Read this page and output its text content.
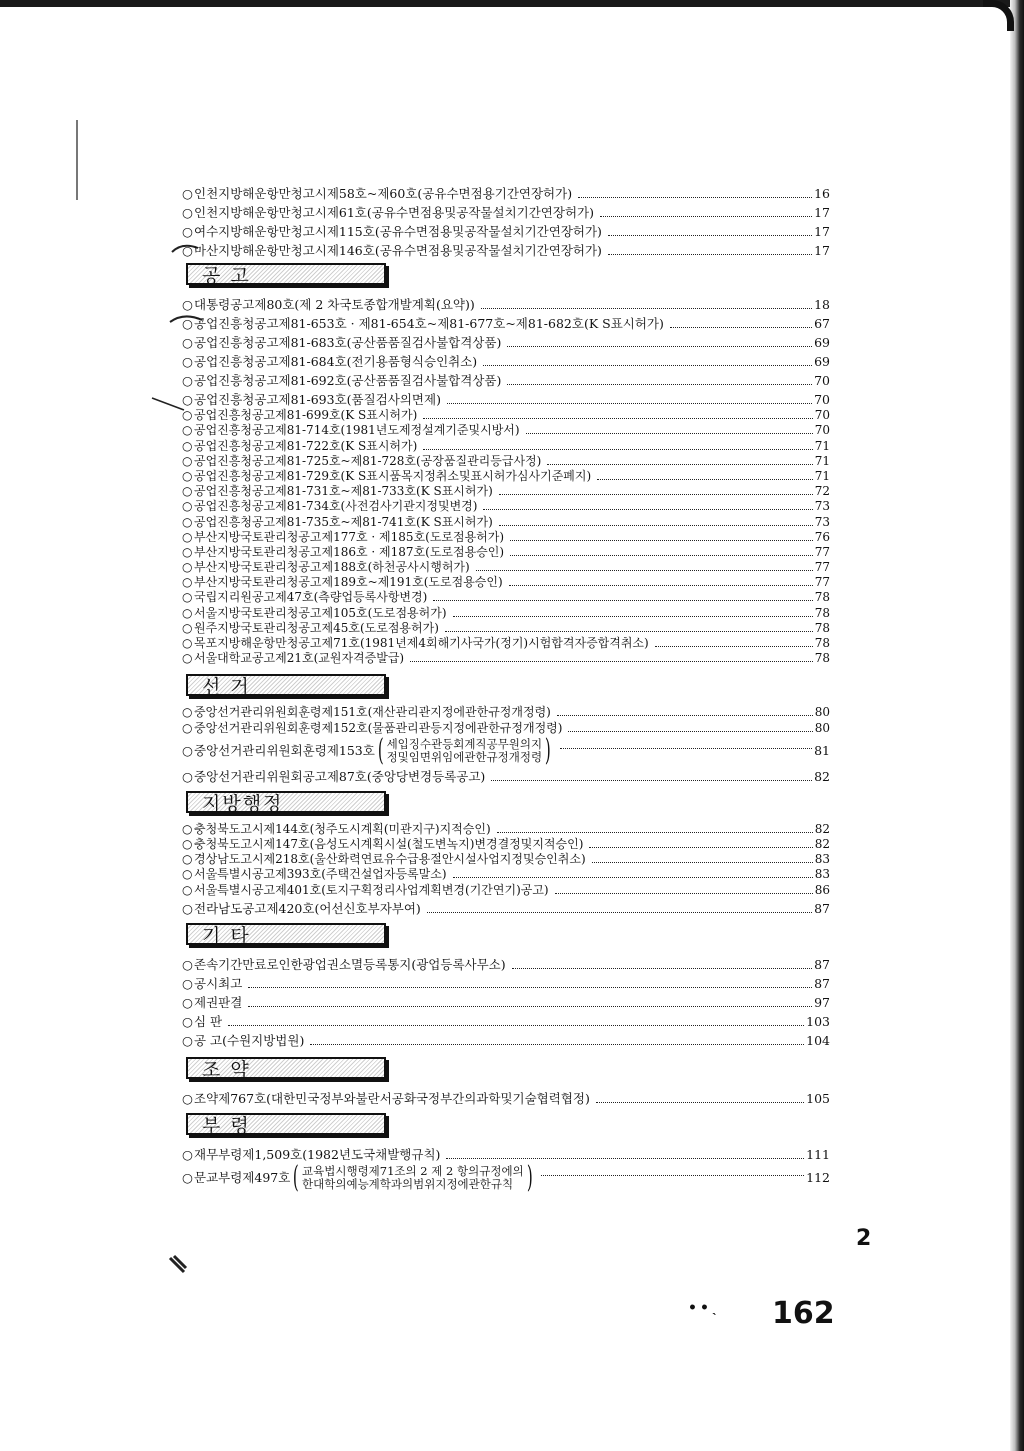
○ 인천지방해운항만청고시제58호~제60호(공유수면점용기간연장허가)	16
○ 인천지방해운항만청고시제61호(공유수면점용및공작물설치기간연장허가)	17
○ 여수지방해운항만청고시제115호(공유수면점용및공작물설치기간연장허가)	17
○ 마산지방해운항만청고시제146호(공유수면점용및공작물설치기간연장허가)	17
공 고
○ 대통령공고제80호(제 2 차국토종합개발계획(요약))	18
○ 공업진흥청공고제81-653호 · 제81-654호~제81-677호~제81-682호(K S표시허가)	67
○ 공업진흥청공고제81-683호(공산품품질검사불합격상품)	69
○ 공업진흥청공고제81-684호(전기용품형식승인취소)	69
○ 공업진흥청공고제81-692호(공산품품질검사불합격상품)	70
○ 공업진흥청공고제81-693호(품질검사의면제)	70
○ 공업진흥청공고제81-699호(K S표시허가)	70
○ 공업진흥청공고제81-714호(1981년도제정설계기준및시방서)	70
○ 공업진흥청공고제81-722호(K S표시허가)	71
○ 공업진흥청공고제81-725호~제81-728호(공장품질관리등급사정)	71
○ 공업진흥청공고제81-729호(K S표시품목지정취소및표시허가심사기준폐지)	71
○ 공업진흥청공고제81-731호~제81-733호(K S표시허가)	72
○ 공업진흥청공고제81-734호(사전검사기관지정및변경)	73
○ 공업진흥청공고제81-735호~제81-741호(K S표시허가)	73
○ 부산지방국토관리청공고제177호 · 제185호(도로점용허가)	76
○ 부산지방국토관리청공고제186호 · 제187호(도로점용승인)	77
○ 부산지방국토관리청공고제188호(하천공사시행허가)	77
○ 부산지방국토관리청공고제189호~제191호(도로점용승인)	77
○ 국립지리원공고제47호(측량업등록사항변경)	78
○ 서울지방국토관리청공고제105호(도로점용허가)	78
○ 원주지방국토관리청공고제45호(도로점용허가)	78
○ 목포지방해운항만청공고제71호(1981년제4회해기사국가(정기)시험합격자증합격취소)	78
○ 서울대학교공고제21호(교원자격증발급)	78
선 거
○ 중앙선거관리위원회훈령제151호(재산관리관지정에관한규정개정령)	80
○ 중앙선거관리위원회훈령제152호(물품관리관등지정에관한규정개정령)	80
○ 중앙선거관리위원회훈령제153호 ( 세입징수관등회계직공무원의지
정및임면위임에관한규정개정령 )	81
○ 중앙선거관리위원회공고제87호(중앙당변경등록공고)	82
지방행정
○ 충청북도고시제144호(청주도시계획(미관지구)지적승인)	82
○ 충청북도고시제147호(음성도시계획시설(철도변녹지)변경결정및지적승인)	82
○ 경상남도고시제218호(울산화력연료유수급용절안시설사업지정및승인취소)	83
○ 서울특별시공고제393호(주택건설업자등록말소)	83
○ 서울특별시공고제401호(토지구획정리사업계획변경(기간연기)공고)	86
○ 전라남도공고제420호(어선신호부자부여)	87
기 타
○ 존속기간만료로인한광업권소멸등록통지(광업등록사무소)	87
○ 공시최고	87
○ 제권판결	97
○ 심 판	103
○ 공 고(수원지방법원)	104
조 약
○ 조약제767호(대한민국정부와불란서공화국정부간의과학및기술협력협정)	105
부 령
○ 재무부령제1,509호(1982년도국채발행규칙)	111
○ 문교부령제497호 ( 교육법시행령제71조의 2 제 2 항의규정에의
한대학의예능계학과의범위지정에관한규칙 )	112
2
••ˎ 162
